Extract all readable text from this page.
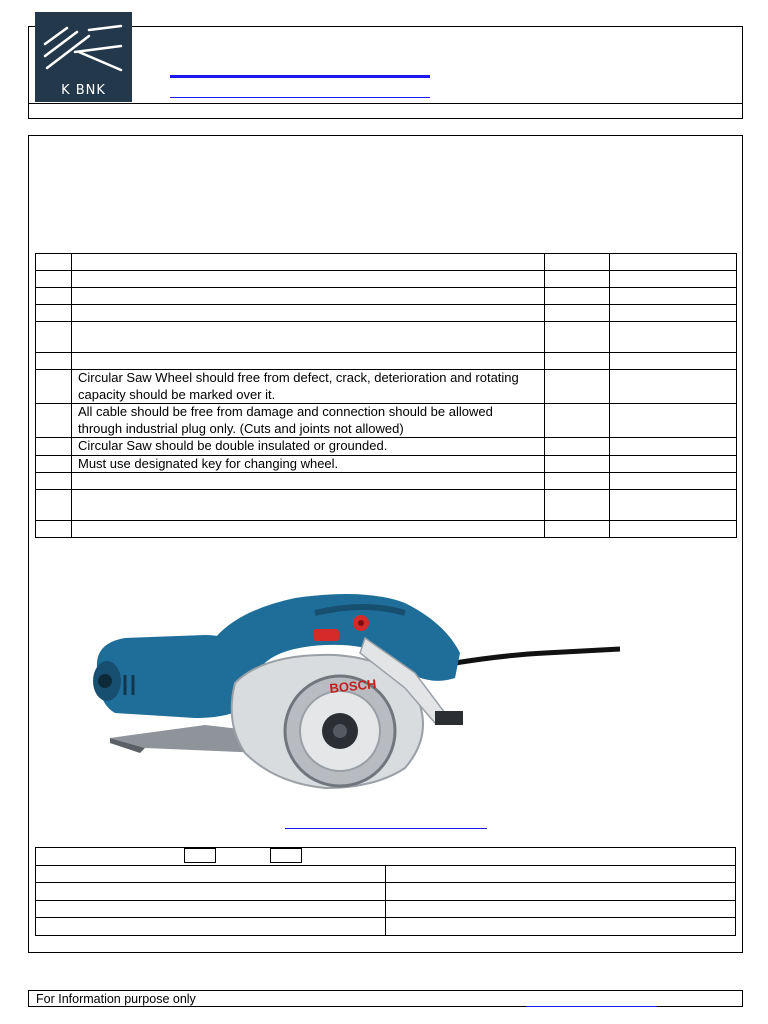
K BNK

	Circular Saw Wheel should free from defect, crack, deterioration and rotating capacity should be marked over it.		
	All cable should be free from damage and connection should be allowed through industrial plug only. (Cuts and joints not allowed)		
	Circular Saw should be double insulated or grounded.		
	Must use designated key for changing wheel.		

BOSCH

For Information purpose only
